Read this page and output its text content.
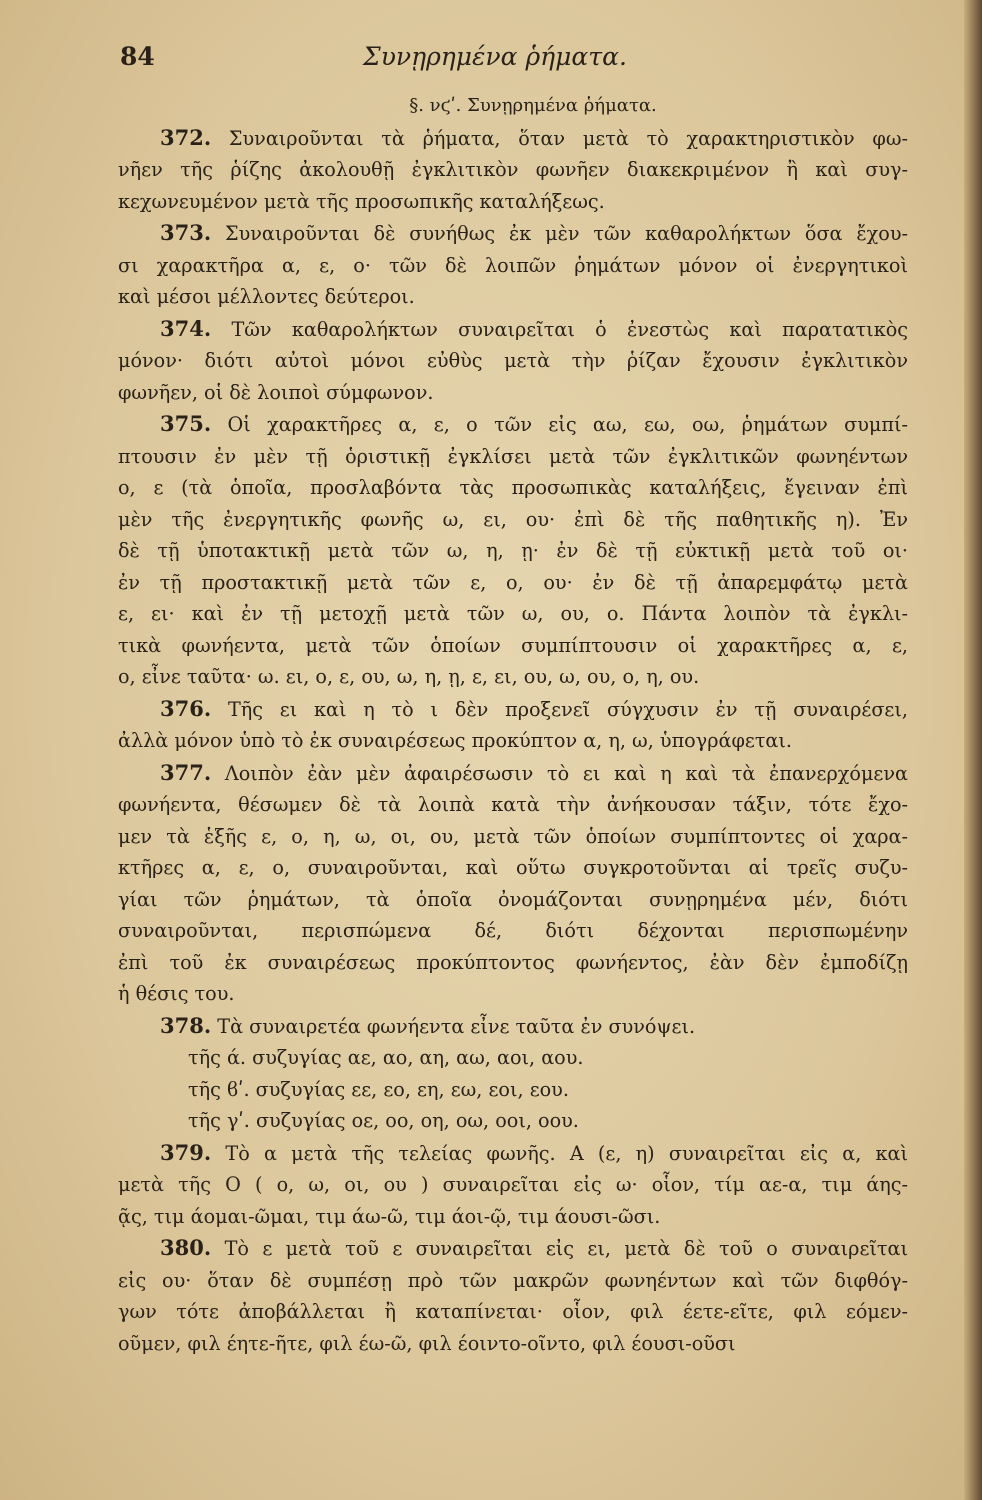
84	Συνῃρημένα ῥήματα.
§. νϛʹ. Συνῃρημένα ῥήματα.
372. Συναιροῦνται τὰ ῥήματα, ὅταν μετὰ τὸ χαρακτηριστικὸν φω-
νῆεν τῆς ῥίζης ἀκολουθῇ ἐγκλιτικὸν φωνῆεν διακεκριμένον ἢ καὶ συγ-
κεχωνευμένον μετὰ τῆς προσωπικῆς καταλήξεως.
373. Συναιροῦνται δὲ συνήθως ἐκ μὲν τῶν καθαρολήκτων ὅσα ἔχου-
σι χαρακτῆρα α, ε, ο· τῶν δὲ λοιπῶν ῥημάτων μόνον οἱ ἐνεργητικοὶ
καὶ μέσοι μέλλοντες δεύτεροι.
374. Τῶν καθαρολήκτων συναιρεῖται ὁ ἐνεστὼς καὶ παρατατικὸς
μόνον· διότι αὐτοὶ μόνοι εὐθὺς μετὰ τὴν ῥίζαν ἔχουσιν ἐγκλιτικὸν
φωνῆεν, οἱ δὲ λοιποὶ σύμφωνον.
375. Οἱ χαρακτῆρες α, ε, ο τῶν εἰς αω, εω, οω, ῥημάτων συμπί-
πτουσιν ἐν μὲν τῇ ὁριστικῇ ἐγκλίσει μετὰ τῶν ἐγκλιτικῶν φωνηέντων
ο, ε (τὰ ὁποῖα, προσλαβόντα τὰς προσωπικὰς καταλήξεις, ἔγειναν ἐπὶ
μὲν τῆς ἐνεργητικῆς φωνῆς ω, ει, ου· ἐπὶ δὲ τῆς παθητικῆς η). Ἐν
δὲ τῇ ὑποτακτικῇ μετὰ τῶν ω, η, ῃ· ἐν δὲ τῇ εὐκτικῇ μετὰ τοῦ οι·
ἐν τῇ προστακτικῇ μετὰ τῶν ε, ο, ου· ἐν δὲ τῇ ἀπαρεμφάτῳ μετὰ
ε, ει· καὶ ἐν τῇ μετοχῇ μετὰ τῶν ω, ου, ο. Πάντα λοιπὸν τὰ ἐγκλι-
τικὰ φωνήεντα, μετὰ τῶν ὁποίων συμπίπτουσιν οἱ χαρακτῆρες α, ε,
ο, εἶνε ταῦτα· ω. ει, ο, ε, ου, ω, η, ῃ, ε, ει, ου, ω, ου, ο, η, ου.
376. Τῆς ει καὶ η τὸ ι δὲν προξενεῖ σύγχυσιν ἐν τῇ συναιρέσει,
ἀλλὰ μόνον ὑπὸ τὸ ἐκ συναιρέσεως προκύπτον α, η, ω, ὑπογράφεται.
377. Λοιπὸν ἐὰν μὲν ἀφαιρέσωσιν τὸ ει καὶ η καὶ τὰ ἐπανερχόμενα
φωνήεντα, θέσωμεν δὲ τὰ λοιπὰ κατὰ τὴν ἀνήκουσαν τάξιν, τότε ἔχο-
μεν τὰ ἑξῆς ε, ο, η, ω, οι, ου, μετὰ τῶν ὁποίων συμπίπτοντες οἱ χαρα-
κτῆρες α, ε, ο, συναιροῦνται, καὶ οὕτω συγκροτοῦνται αἱ τρεῖς συζυ-
γίαι τῶν ῥημάτων, τὰ ὁποῖα ὀνομάζονται συνῃρημένα μέν, διότι
συναιροῦνται, περισπώμενα δέ, διότι δέχονται περισπωμένην
ἐπὶ τοῦ ἐκ συναιρέσεως προκύπτοντος φωνήεντος, ἐὰν δὲν ἐμποδίζῃ
ἡ θέσις του.
378. Τὰ συναιρετέα φωνήεντα εἶνε ταῦτα ἐν συνόψει.
τῆς ά. συζυγίας αε, αο, αη, αω, αοι, αου.
τῆς ϐʹ. συζυγίας εε, εο, εη, εω, εοι, εου.
τῆς γʹ. συζυγίας οε, οο, οη, οω, οοι, οου.
379. Τὸ α μετὰ τῆς τελείας φωνῆς. Α (ε, η) συναιρεῖται εἰς α, καὶ
μετὰ τῆς Ο ( ο, ω, οι, ου ) συναιρεῖται εἰς ω· οἷον, τίμ αε-α, τιμ άης-
ᾷς, τιμ άομαι-ῶμαι, τιμ άω-ῶ, τιμ άοι-ῷ, τιμ άουσι-ῶσι.
380. Τὸ ε μετὰ τοῦ ε συναιρεῖται εἰς ει, μετὰ δὲ τοῦ ο συναιρεῖται
εἰς ου· ὅταν δὲ συμπέσῃ πρὸ τῶν μακρῶν φωνηέντων καὶ τῶν διφθόγ-
γων τότε ἀποβάλλεται ἢ καταπίνεται· οἷον, φιλ έετε-εῖτε, φιλ εόμεν-
οῦμεν, φιλ έητε-ῆτε, φιλ έω-ῶ, φιλ έοιντο-οῖντο, φιλ έουσι-οῦσι
